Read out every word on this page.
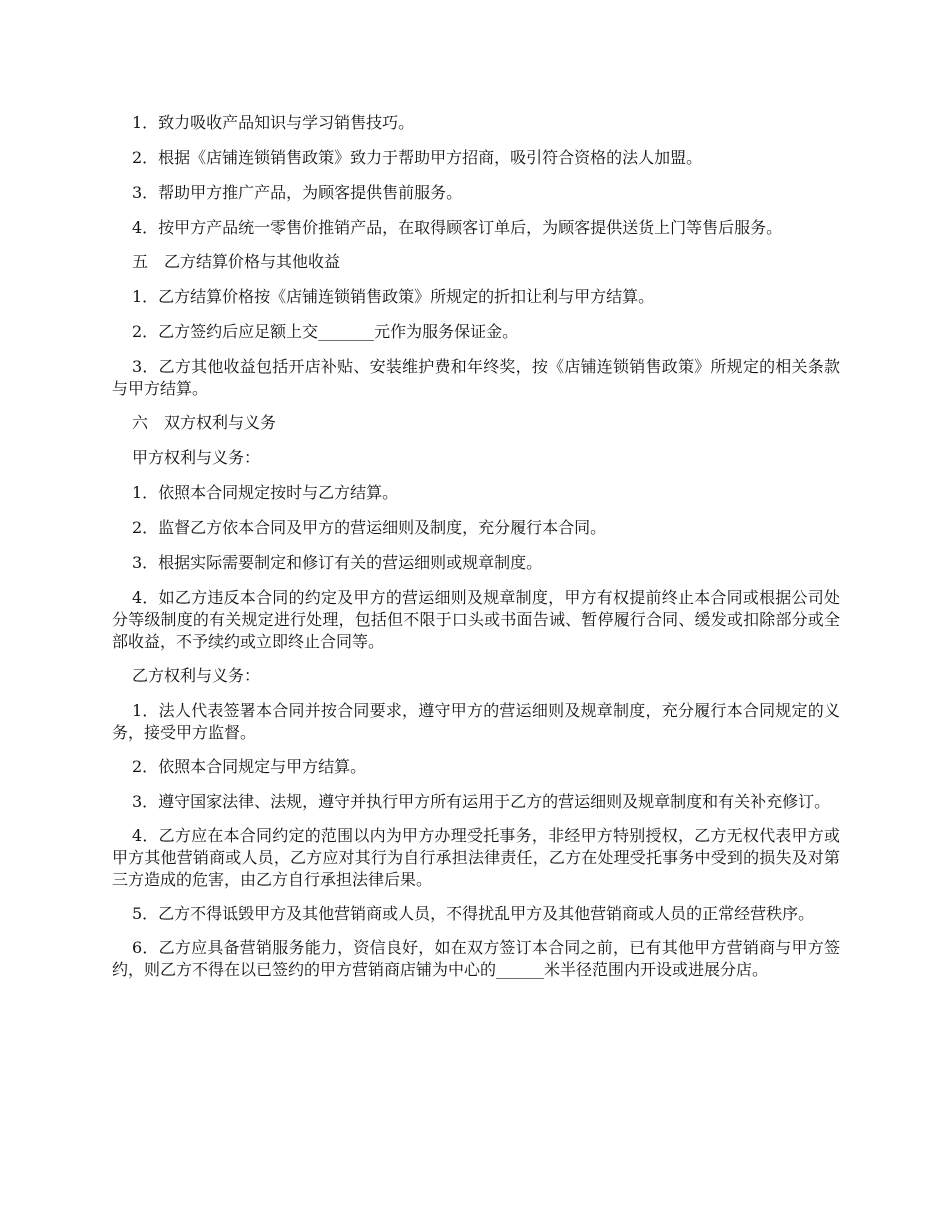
1．致力吸收产品知识与学习销售技巧。

2．根据《店铺连锁销售政策》致力于帮助甲方招商，吸引符合资格的法人加盟。

3．帮助甲方推广产品，为顾客提供售前服务。

4．按甲方产品统一零售价推销产品，在取得顾客订单后，为顾客提供送货上门等售后服务。

五　乙方结算价格与其他收益

1．乙方结算价格按《店铺连锁销售政策》所规定的折扣让利与甲方结算。

2．乙方签约后应足额上交_______元作为服务保证金。

3．乙方其他收益包括开店补贴、安装维护费和年终奖，按《店铺连锁销售政策》所规定的相关条款与甲方结算。

六　双方权利与义务

甲方权利与义务：

1．依照本合同规定按时与乙方结算。

2．监督乙方依本合同及甲方的营运细则及制度，充分履行本合同。

3．根据实际需要制定和修订有关的营运细则或规章制度。

4．如乙方违反本合同的约定及甲方的营运细则及规章制度，甲方有权提前终止本合同或根据公司处分等级制度的有关规定进行处理，包括但不限于口头或书面告诫、暂停履行合同、缓发或扣除部分或全部收益，不予续约或立即终止合同等。

乙方权利与义务：

1．法人代表签署本合同并按合同要求，遵守甲方的营运细则及规章制度，充分履行本合同规定的义务，接受甲方监督。

2．依照本合同规定与甲方结算。

3．遵守国家法律、法规，遵守并执行甲方所有运用于乙方的营运细则及规章制度和有关补充修订。

4．乙方应在本合同约定的范围以内为甲方办理受托事务，非经甲方特别授权，乙方无权代表甲方或甲方其他营销商或人员，乙方应对其行为自行承担法律责任，乙方在处理受托事务中受到的损失及对第三方造成的危害，由乙方自行承担法律后果。

5．乙方不得诋毁甲方及其他营销商或人员，不得扰乱甲方及其他营销商或人员的正常经营秩序。

6．乙方应具备营销服务能力，资信良好，如在双方签订本合同之前，已有其他甲方营销商与甲方签约，则乙方不得在以已签约的甲方营销商店铺为中心的______米半径范围内开设或进展分店。
